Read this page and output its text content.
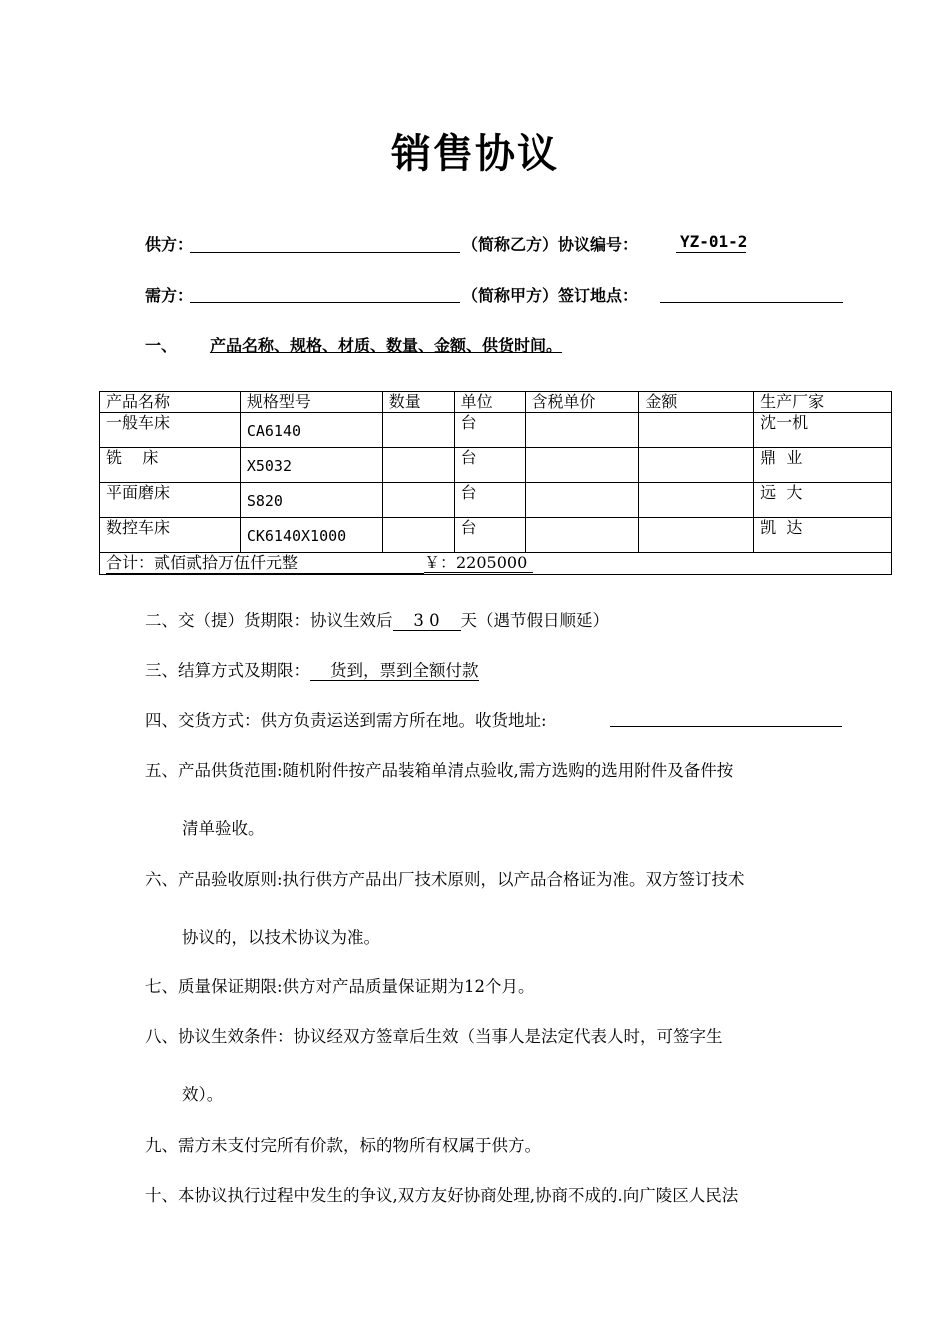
销售协议
供方：	（简称乙方）协议编号：	YZ-01-2
需方：	（简称甲方）签订地点：
一、 产品名称、规格、材质、数量、金额、供货时间。
产品名称	规格型号	数量	单位	含税单价	金额	生产厂家
一般车床	CA6140		台			沈一机
铣    床	X5032		台			鼎  业
平面磨床	S820		台			远  大
数控车床	CK6140X1000		台			凯  达
合计：贰佰贰拾万伍仟元整 ￥：2205000						
二、交（提）货期限：协议生效后 3 0 天（遇节假日顺延）
三、结算方式及期限： 货到，票到全额付款
四、交货方式：供方负责运送到需方所在地。收货地址:
五、产品供货范围:随机附件按产品装箱单清点验收,需方选购的选用附件及备件按
清单验收。
六、产品验收原则:执行供方产品出厂技术原则，以产品合格证为准。双方签订技术
协议的，以技术协议为准。
七、质量保证期限:供方对产品质量保证期为12个月。
八、协议生效条件：协议经双方签章后生效（当事人是法定代表人时，可签字生
效）。
九、需方未支付完所有价款，标的物所有权属于供方。
十、本协议执行过程中发生的争议,双方友好协商处理,协商不成的.向广陵区人民法
